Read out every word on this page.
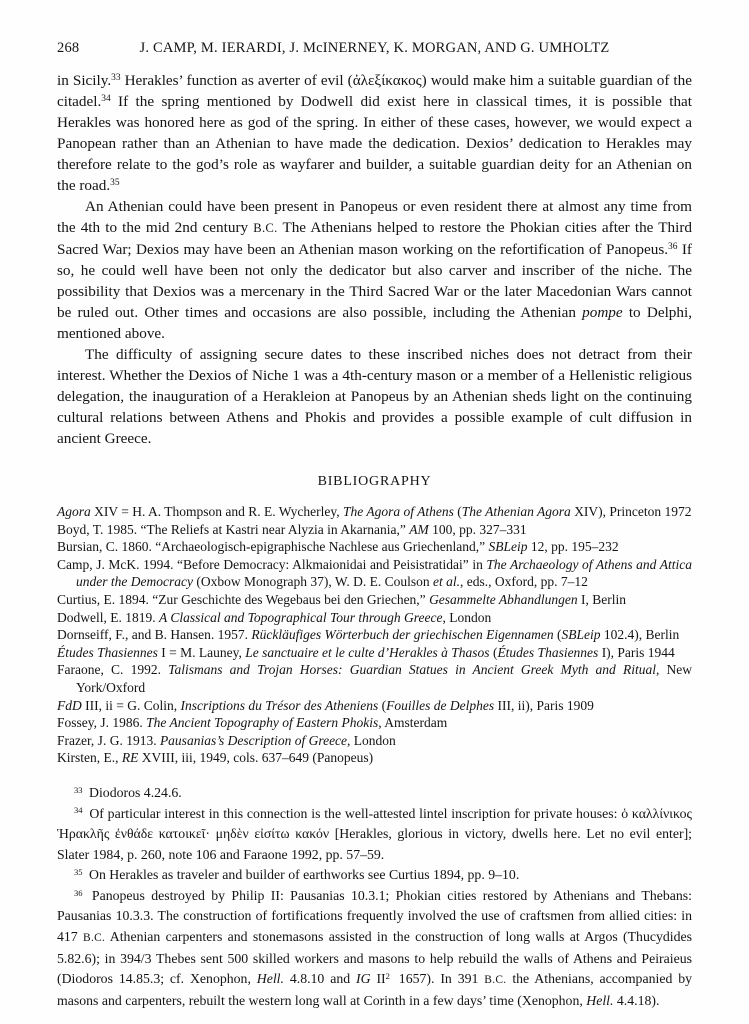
268	J. CAMP, M. IERARDI, J. McINERNEY, K. MORGAN, AND G. UMHOLTZ

in Sicily.$^{33}$ Herakles’ function as averter of evil (ἀλεξίκακος) would make him a suitable guardian of the citadel.$^{34}$ If the spring mentioned by Dodwell did exist here in classical times, it is possible that Herakles was honored here as god of the spring. In either of these cases, however, we would expect a Panopean rather than an Athenian to have made the dedication. Dexios’ dedication to Herakles may therefore relate to the god’s role as wayfarer and builder, a suitable guardian deity for an Athenian on the road.$^{35}$

An Athenian could have been present in Panopeus or even resident there at almost any time from the 4th to the mid 2nd century B.C. The Athenians helped to restore the Phokian cities after the Third Sacred War; Dexios may have been an Athenian mason working on the refortification of Panopeus.$^{36}$ If so, he could well have been not only the dedicator but also carver and inscriber of the niche. The possibility that Dexios was a mercenary in the Third Sacred War or the later Macedonian Wars cannot be ruled out. Other times and occasions are also possible, including the Athenian pompe to Delphi, mentioned above.

The difficulty of assigning secure dates to these inscribed niches does not detract from their interest. Whether the Dexios of Niche 1 was a 4th-century mason or a member of a Hellenistic religious delegation, the inauguration of a Herakleion at Panopeus by an Athenian sheds light on the continuing cultural relations between Athens and Phokis and provides a possible example of cult diffusion in ancient Greece.

BIBLIOGRAPHY

Agora XIV = H. A. Thompson and R. E. Wycherley, The Agora of Athens (The Athenian Agora XIV), Princeton 1972

Boyd, T. 1985. “The Reliefs at Kastri near Alyzia in Akarnania,” AM 100, pp. 327–331

Bursian, C. 1860. “Archaeologisch-epigraphische Nachlese aus Griechenland,” SBLeip 12, pp. 195–232

Camp, J. McK. 1994. “Before Democracy: Alkmaionidai and Peisistratidai” in The Archaeology of Athens and Attica under the Democracy (Oxbow Monograph 37), W. D. E. Coulson et al., eds., Oxford, pp. 7–12

Curtius, E. 1894. “Zur Geschichte des Wegebaus bei den Griechen,” Gesammelte Abhandlungen I, Berlin

Dodwell, E. 1819. A Classical and Topographical Tour through Greece, London

Dornseiff, F., and B. Hansen. 1957. Rückläufiges Wörterbuch der griechischen Eigennamen (SBLeip 102.4), Berlin

Études Thasiennes I = M. Launey, Le sanctuaire et le culte d’Herakles à Thasos (Études Thasiennes I), Paris 1944

Faraone, C. 1992. Talismans and Trojan Horses: Guardian Statues in Ancient Greek Myth and Ritual, New York/Oxford

FdD III, ii = G. Colin, Inscriptions du Trésor des Atheniens (Fouilles de Delphes III, ii), Paris 1909

Fossey, J. 1986. The Ancient Topography of Eastern Phokis, Amsterdam

Frazer, J. G. 1913. Pausanias’s Description of Greece, London

Kirsten, E., RE XVIII, iii, 1949, cols. 637–649 (Panopeus)

$^{33}$ Diodoros 4.24.6.

$^{34}$ Of particular interest in this connection is the well-attested lintel inscription for private houses: ὁ καλλίνικος Ἡρακλῆς ἐνθάδε κατοικεῖ· μηδὲν εἰσίτω κακόν [Herakles, glorious in victory, dwells here. Let no evil enter]; Slater 1984, p. 260, note 106 and Faraone 1992, pp. 57–59.

$^{35}$ On Herakles as traveler and builder of earthworks see Curtius 1894, pp. 9–10.

$^{36}$ Panopeus destroyed by Philip II: Pausanias 10.3.1; Phokian cities restored by Athenians and Thebans: Pausanias 10.3.3. The construction of fortifications frequently involved the use of craftsmen from allied cities: in 417 B.C. Athenian carpenters and stonemasons assisted in the construction of long walls at Argos (Thucydides 5.82.6); in 394/3 Thebes sent 500 skilled workers and masons to help rebuild the walls of Athens and Peiraieus (Diodoros 14.85.3; cf. Xenophon, Hell. 4.8.10 and IG $II^2$ 1657). In 391 B.C. the Athenians, accompanied by masons and carpenters, rebuilt the western long wall at Corinth in a few days’ time (Xenophon, Hell. 4.4.18).
